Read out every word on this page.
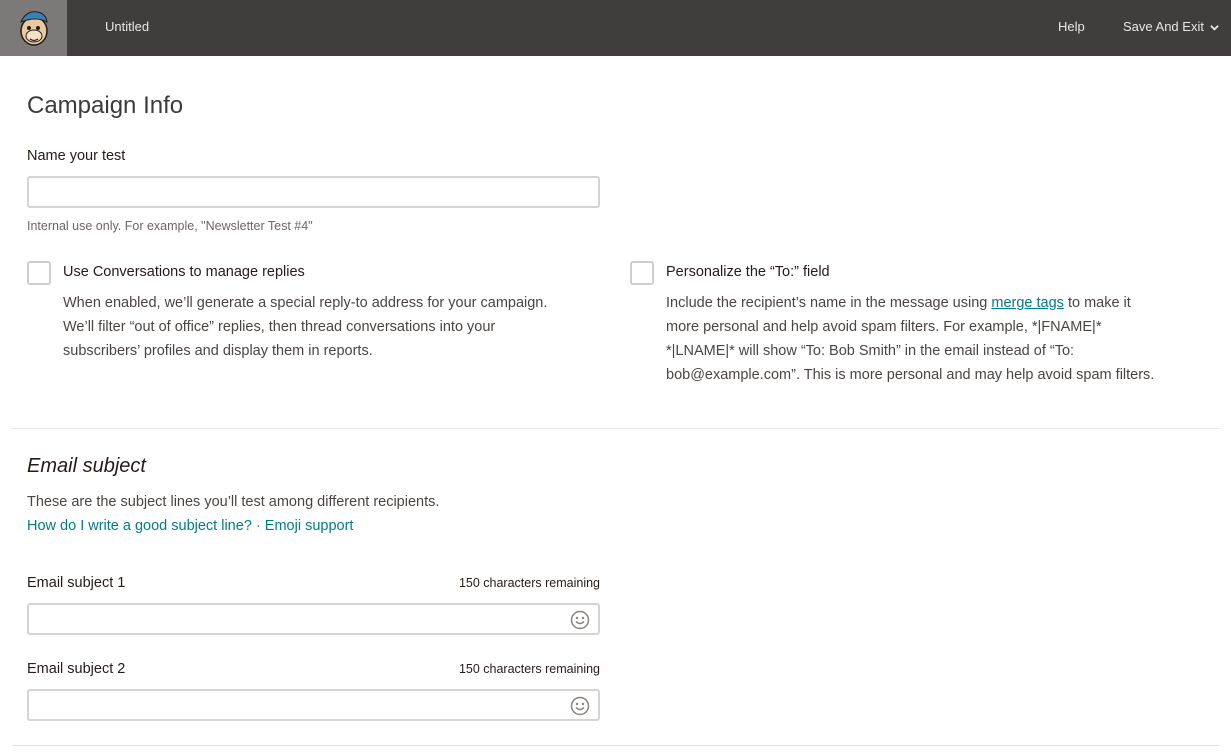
Untitled	Help	Save And Exit
Campaign Info
Name your test
Internal use only. For example, "Newsletter Test #4"
Use Conversations to manage replies
When enabled, we’ll generate a special reply-to address for your campaign.
We’ll filter “out of office” replies, then thread conversations into your
subscribers’ profiles and display them in reports.
Personalize the “To:” field
Include the recipient’s name in the message using merge tags to make it
more personal and help avoid spam filters. For example, *|FNAME|*
*|LNAME|* will show “To: Bob Smith” in the email instead of “To:
bob@example.com”. This is more personal and may help avoid spam filters.
Email subject
These are the subject lines you’ll test among different recipients.
How do I write a good subject line? · Emoji support
Email subject 1	150 characters remaining
Email subject 2	150 characters remaining
